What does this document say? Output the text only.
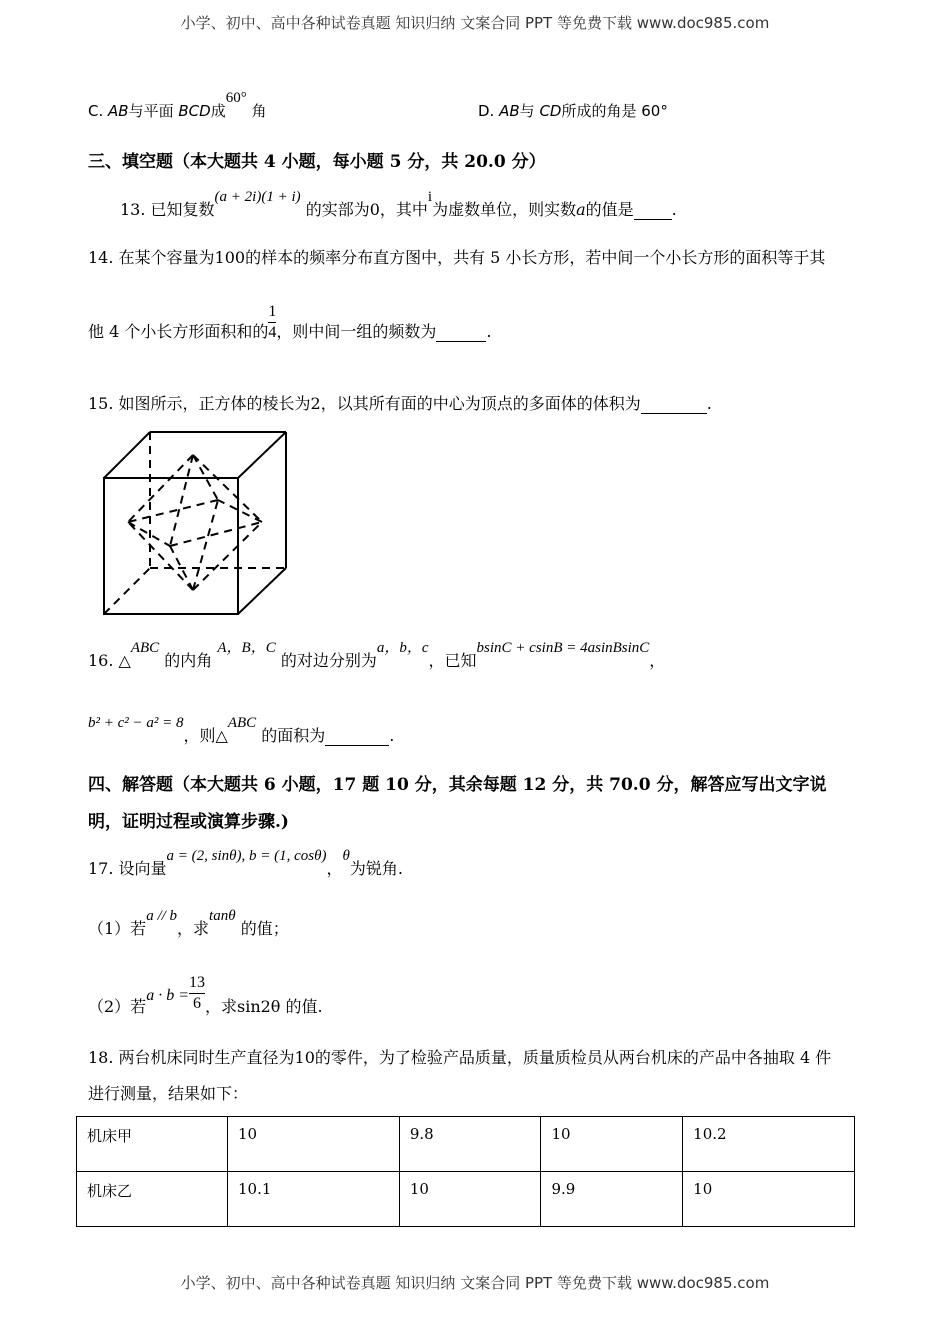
小学、初中、高中各种试卷真题 知识归纳 文案合同 PPT 等免费下载 www.doc985.com
C. AB与平面 BCD成60° 角	D. AB与 CD所成的角是 60°
三、填空题（本大题共 4 小题，每小题 5 分，共 20.0 分）
13. 已知复数(a + 2i)(1 + i) 的实部为0，其中i为虚数单位，则实数a的值是 .
14. 在某个容量为100的样本的频率分布直方图中，共有 5 小长方形，若中间一个小长方形的面积等于其
他 4 个小长方形面积和的 $\frac{1}{4}$ ，则中间一组的频数为	.
15. 如图所示，正方体的棱长为2，以其所有面的中心为顶点的多面体的体积为	.
16. △ABC 的内角 A，B，C 的对边分别为a，b，c，已知bsinC + csinB = 4asinBsinC，
b² + c² − a² = 8，则△ABC 的面积为	.
四、解答题（本大题共 6 小题，17 题 10 分，其余每题 12 分，共 70.0 分，解答应写出文字说
明，证明过程或演算步骤.)
17. 设向量a = (2, sinθ), b = (1, cosθ)，θ为锐角.
（1）若a // b，求tanθ 的值；
（2）若$a \cdot b = \frac{13}{6}$ ，求sin2θ 的值.
18. 两台机床同时生产直径为10的零件，为了检验产品质量，质量质检员从两台机床的产品中各抽取 4 件
进行测量，结果如下：
机床甲	10	9.8	10	10.2
机床乙	10.1	10	9.9	10
小学、初中、高中各种试卷真题 知识归纳 文案合同 PPT 等免费下载 www.doc985.com
